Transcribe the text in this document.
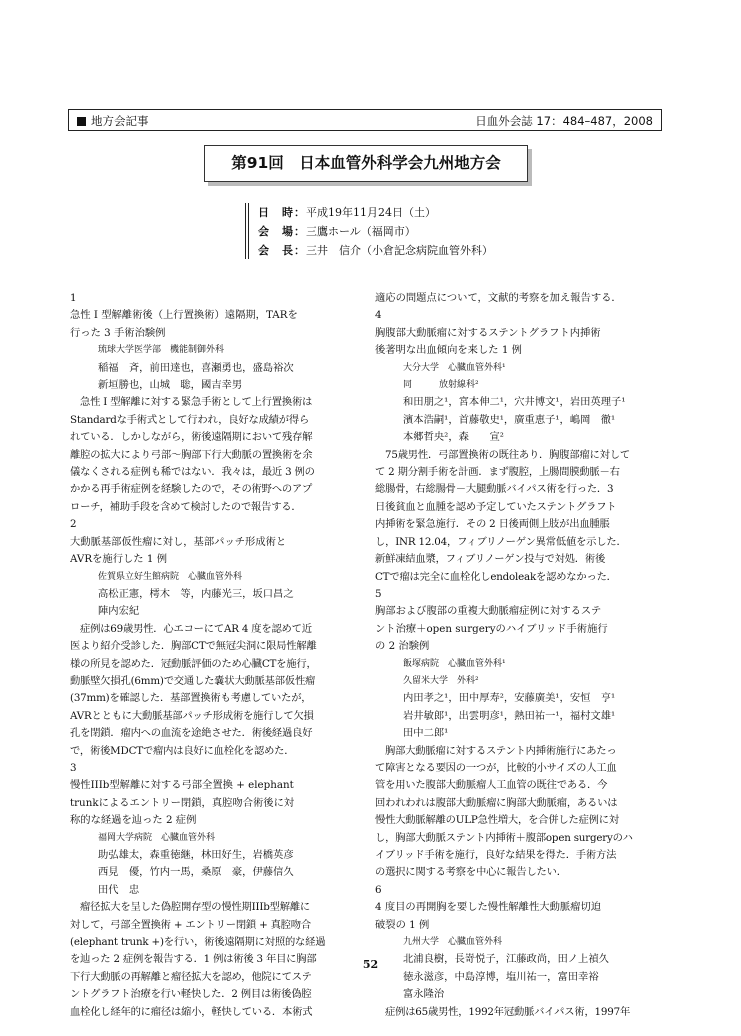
地方会記事	日血外会誌 17：484–487，2008
第91回　日本血管外科学会九州地方会
日　時：平成19年11月24日（土）
会　場：三鷹ホール（福岡市）
会　長：三井　信介（小倉記念病院血管外科）
1
急性 I 型解離術後（上行置換術）遠隔期，TARを
行った 3 手術治験例
琉球大学医学部　機能制御外科
稲福　斉，前田達也，喜瀬勇也，盛島裕次
新垣勝也，山城　聡，國吉幸男
急性 I 型解離に対する緊急手術として上行置換術は
Standardな手術式として行われ，良好な成績が得ら
れている．しかしながら，術後遠隔期において残存解
離腔の拡大により弓部～胸部下行大動脈の置換術を余
儀なくされる症例も稀ではない．我々は，最近 3 例の
かかる再手術症例を経験したので，その術野へのアプ
ローチ，補助手段を含めて検討したので報告する．
2
大動脈基部仮性瘤に対し，基部パッチ形成術と
AVRを施行した 1 例
佐賀県立好生館病院　心臓血管外科
高松正憲，樗木　等，内藤光三，坂口昌之
陣内宏紀
症例は69歳男性．心エコーにてAR 4 度を認めて近
医より紹介受診した．胸部CTで無冠尖洞に限局性解離
様の所見を認めた．冠動脈評価のため心臓CTを施行，
動脈壁欠損孔(6mm)で交通した嚢状大動脈基部仮性瘤
(37mm)を確認した．基部置換術も考慮していたが，
AVRとともに大動脈基部パッチ形成術を施行して欠損
孔を閉鎖．瘤内への血流を途絶させた．術後経過良好
で，術後MDCTで瘤内は良好に血栓化を認めた．
3
慢性IIIb型解離に対する弓部全置換 + elephant
trunkによるエントリー閉鎖，真腔吻合術後に対
称的な経過を辿った 2 症例
福岡大学病院　心臓血管外科
助弘雄太，森重徳継，林田好生，岩橋英彦
西見　優，竹内一馬，桑原　豪，伊藤信久
田代　忠
瘤径拡大を呈した偽腔開存型の慢性期IIIb型解離に
対して，弓部全置換術 + エントリー閉鎖 + 真腔吻合
(elephant trunk +)を行い，術後遠隔期に対照的な経過
を辿った 2 症例を報告する．1 例は術後 3 年目に胸部
下行大動脈の再解離と瘤径拡大を認め，他院にてステ
ントグラフト治療を行い軽快した．2 例目は術後偽腔
血栓化し経年的に瘤径は縮小，軽快している．本術式
適応の問題点について，文献的考察を加え報告する．
4
胸腹部大動脈瘤に対するステントグラフト内挿術
後著明な出血傾向を来した 1 例
大分大学　心臓血管外科¹
同　　　放射線科²
和田朋之¹，宮本伸二¹，穴井博文¹，岩田英理子¹
濱本浩嗣¹，首藤敬史¹，廣重恵子¹，嶋岡　徹¹
本郷哲央²，森　　宣²
75歳男性．弓部置換術の既往あり．胸腹部瘤に対して
て 2 期分割手術を計画．まず腹腔，上腸間膜動脈－右
総腸骨，右総腸骨－大腿動脈バイパス術を行った．3
日後貧血と血腫を認め予定していたステントグラフト
内挿術を緊急施行．その 2 日後両側上肢が出血腫脹
し，INR 12.04，フィブリノーゲン異常低値を示した．
新鮮凍結血漿，フィブリノーゲン投与で対処．術後
CTで瘤は完全に血栓化しendoleakを認めなかった．
5
胸部および腹部の重複大動脈瘤症例に対するステ
ント治療＋open surgeryのハイブリッド手術施行
の 2 治験例
飯塚病院　心臓血管外科¹
久留米大学　外科²
内田孝之¹，田中厚寿²，安藤廣美¹，安恒　亨¹
岩井敏郎¹，出雲明彦¹，熱田祐一¹，福村文雄¹
田中二郎¹
胸部大動脈瘤に対するステント内挿術施行にあたっ
て障害となる要因の一つが，比較的小サイズの人工血
管を用いた腹部大動脈瘤人工血管の既往である．今
回われわれは腹部大動脈瘤に胸部大動脈瘤，あるいは
慢性大動脈解離のULP急性増大，を合併した症例に対
し，胸部大動脈ステント内挿術＋腹部open surgeryのハ
イブリッド手術を施行，良好な結果を得た．手術方法
の選択に関する考察を中心に報告したい．
6
4 度目の再開胸を要した慢性解離性大動脈瘤切迫
破裂の 1 例
九州大学　心臓血管外科
北浦良樹，長嵜悦子，江藤政尚，田ノ上禎久
徳永滋彦，中島淳博，塩川祐一，富田幸裕
富永隆治
症例は65歳男性，1992年冠動脈バイパス術，1997年
52
